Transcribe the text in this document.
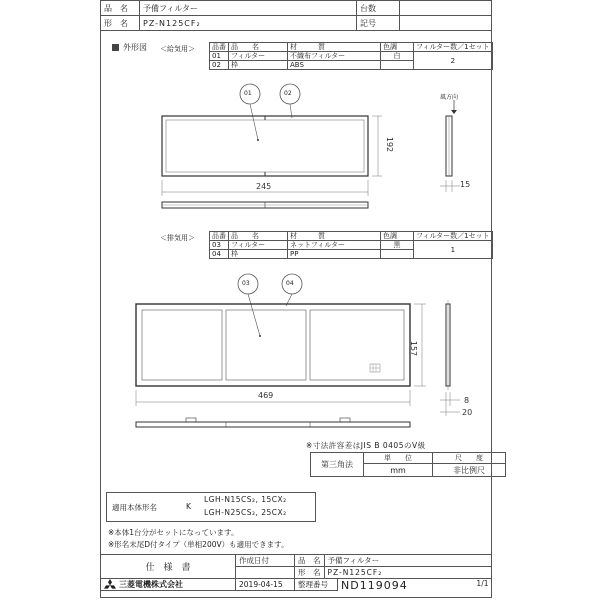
品　名	予備フィルター	台数	
形　名	PZ-N125CF₂	記号	
外形図 ＜給気用＞ 品番	品　　名	材　　　質	色調	フィルター数／1セット
01	フィルター	不織布フィルター	白	2
02	枠	ABS		
01	02
風方向
192
245	15
＜排気用＞ 品番	品　　名	材　　　質	色調	フィルター数／1セット
03	フィルター	ネットフィルター	黒	1
04	枠	PP		
03	04
157
469
8
20
※寸法許容差はJIS B 0405のV級
第三角法	単　　位	尺　　度
	mm	非比例尺
適用本体形名	K
LGH-N15CS₂, 15CX₂
LGH-N25CS₂, 25CX₂
※本体1台分がセットになっています。
※形名末尾D付タイプ（単相200V）も適用できます。
仕　様　書	作成日付	品　名	予備フィルター
		形　名	PZ-N125CF₂

三菱電機株式会社	2019-04-15	整理番号	ND119094	1/1
